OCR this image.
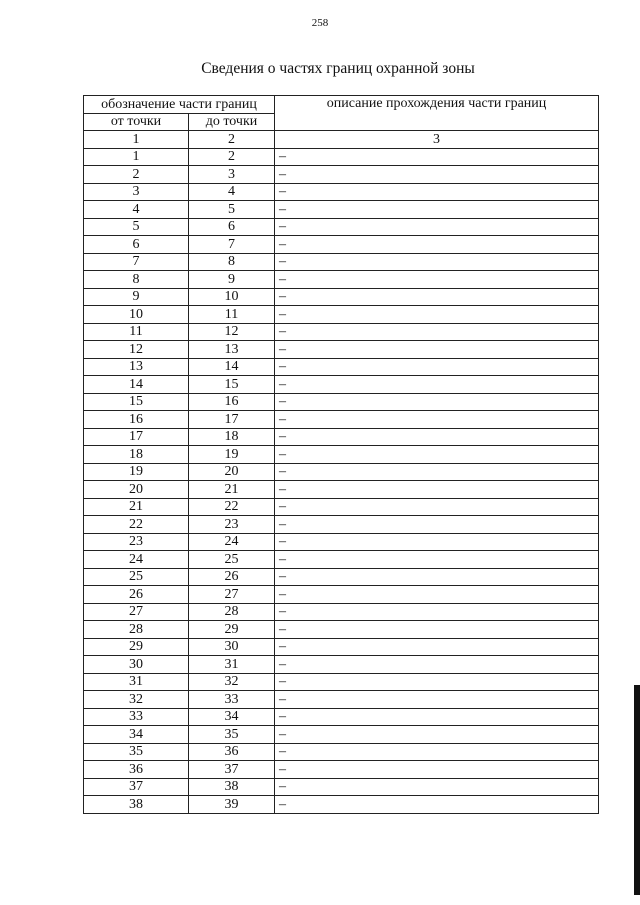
258
Сведения о частях границ охранной зоны
обозначение части границ		описание прохождения части границ
от точки	до точки	
1	2	3
1	2	–
2	3	–
3	4	–
4	5	–
5	6	–
6	7	–
7	8	–
8	9	–
9	10	–
10	11	–
11	12	–
12	13	–
13	14	–
14	15	–
15	16	–
16	17	–
17	18	–
18	19	–
19	20	–
20	21	–
21	22	–
22	23	–
23	24	–
24	25	–
25	26	–
26	27	–
27	28	–
28	29	–
29	30	–
30	31	–
31	32	–
32	33	–
33	34	–
34	35	–
35	36	–
36	37	–
37	38	–
38	39	–
